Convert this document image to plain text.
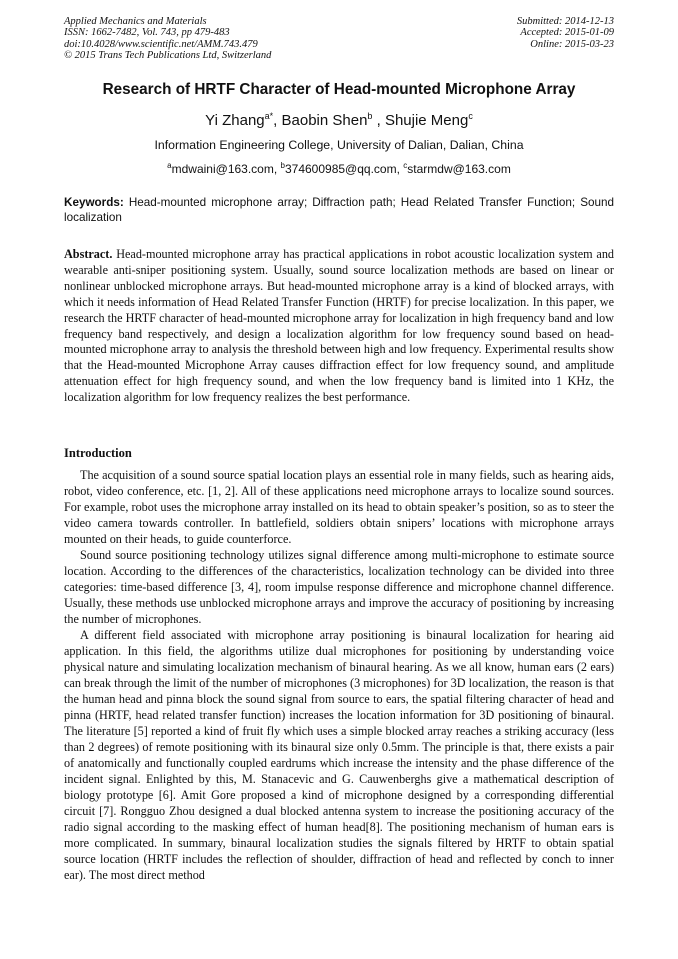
Applied Mechanics and Materials
ISSN: 1662-7482, Vol. 743, pp 479-483
doi:10.4028/www.scientific.net/AMM.743.479
© 2015 Trans Tech Publications Ltd, Switzerland
Submitted: 2014-12-13
Accepted: 2015-01-09
Online: 2015-03-23
Research of HRTF Character of Head-mounted Microphone Array
Yi Zhang$^{a*}$, Baobin Shen$^b$ , Shujie Meng$^c$
Information Engineering College, University of Dalian, Dalian, China
$^a$mdwaini@163.com, $^b$374600985@qq.com, $^c$starmdw@163.com
Keywords: Head-mounted microphone array; Diffraction path; Head Related Transfer Function; Sound localization
Abstract. Head-mounted microphone array has practical applications in robot acoustic localization system and wearable anti-sniper positioning system. Usually, sound source localization methods are based on linear or nonlinear unblocked microphone arrays. But head-mounted microphone array is a kind of blocked arrays, with which it needs information of Head Related Transfer Function (HRTF) for precise localization. In this paper, we research the HRTF character of head-mounted microphone array for localization in high frequency band and low frequency band respectively, and design a localization algorithm for low frequency sound based on head-mounted microphone array to analysis the threshold between high and low frequency. Experimental results show that the Head-mounted Microphone Array causes diffraction effect for low frequency sound, and amplitude attenuation effect for high frequency sound, and when the low frequency band is limited into 1 KHz, the localization algorithm for low frequency realizes the best performance.
Introduction

The acquisition of a sound source spatial location plays an essential role in many fields, such as hearing aids, robot, video conference, etc. [1, 2]. All of these applications need microphone arrays to localize sound sources. For example, robot uses the microphone array installed on its head to obtain speaker’s position, so as to steer the video camera towards controller. In battlefield, soldiers obtain snipers’ locations with microphone arrays mounted on their heads, to guide counterforce.

Sound source positioning technology utilizes signal difference among multi-microphone to estimate source location. According to the differences of the characteristics, localization technology can be divided into three categories: time-based difference [3, 4], room impulse response difference and microphone channel difference. Usually, these methods use unblocked microphone arrays and improve the accuracy of positioning by increasing the number of microphones.

A different field associated with microphone array positioning is binaural localization for hearing aid application. In this field, the algorithms utilize dual microphones for positioning by understanding voice physical nature and simulating localization mechanism of binaural hearing. As we all know, human ears (2 ears) can break through the limit of the number of microphones (3 microphones) for 3D localization, the reason is that the human head and pinna block the sound signal from source to ears, the spatial filtering character of head and pinna (HRTF, head related transfer function) increases the location information for 3D positioning of binaural. The literature [5] reported a kind of fruit fly which uses a simple blocked array reaches a striking accuracy (less than 2 degrees) of remote positioning with its binaural size only 0.5mm. The principle is that, there exists a pair of anatomically and functionally coupled eardrums which increase the intensity and the phase difference of the incident signal. Enlighted by this, M. Stanacevic and G. Cauwenberghs give a mathematical description of biology prototype [6]. Amit Gore proposed a kind of microphone designed by a corresponding differential circuit [7]. Rongguo Zhou designed a dual blocked antenna system to increase the positioning accuracy of the radio signal according to the masking effect of human head[8]. The positioning mechanism of human ears is more complicated. In summary, binaural localization studies the signals filtered by HRTF to obtain spatial source location (HRTF includes the reflection of shoulder, diffraction of head and reflected by conch to inner ear). The most direct method
